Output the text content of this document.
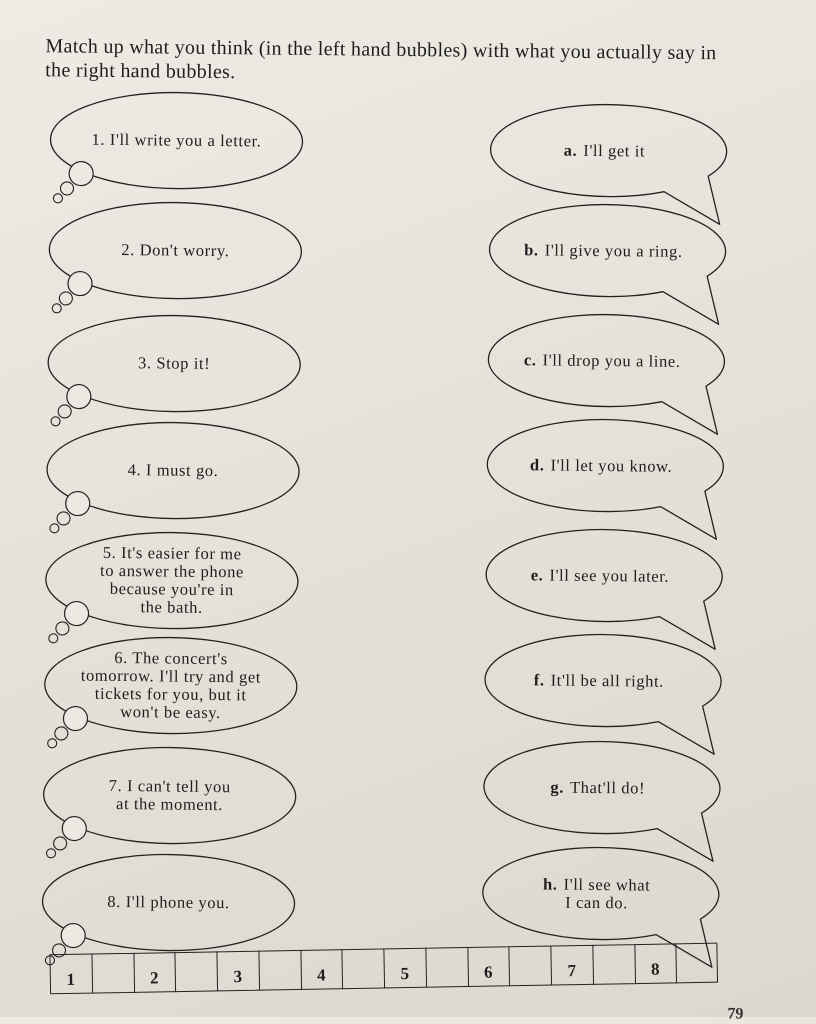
Match up what you think (in the left hand bubbles) with what you actually say in the right hand bubbles.

1. I'll write you a letter.
2. Don't worry.
3. Stop it!
4. I must go.
5. It's easier for me
to answer the phone
because you're in
the bath.
6. The concert's
tomorrow. I'll try and get
tickets for you, but it
won't be easy.
7. I can't tell you
at the moment.
8. I'll phone you.
a. I'll get it
b. I'll give you a ring.
c. I'll drop you a line.
d. I'll let you know.
e. I'll see you later.
f. It'll be all right.
g. That'll do!
h. I'll see what
I can do.
1	2	3	4	5	6	7	8
79
